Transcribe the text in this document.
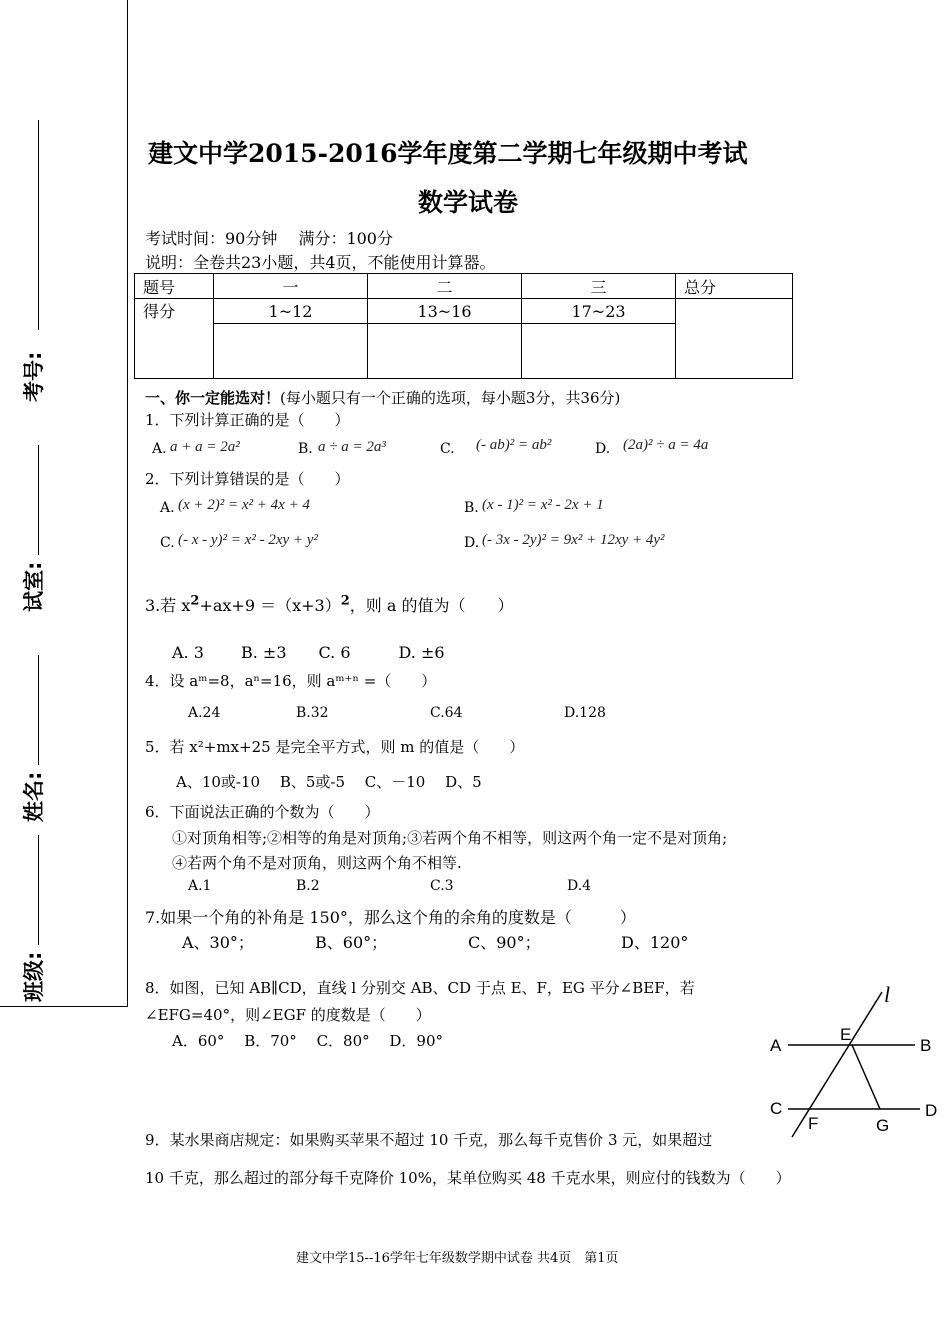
考号:
试室:
姓名:
班级:
建文中学2015-2016学年度第二学期七年级期中考试
数学试卷
考试时间：90分钟　 满分：100分
说明：全卷共23小题，共4页，不能使用计算器。
题号	一	二	三	总分
得分	1~12	13~16	17~23	

一、你一定能选对！(每小题只有一个正确的选项，每小题3分，共36分)
1．下列计算正确的是（　　）
A. a + a = 2a²	B. a ÷ a = 2a³	C. (- ab)² = ab²	D. (2a)² ÷ a = 4a
2．下列计算错误的是（　　）
A. (x + 2)² = x² + 4x + 4	B. (x - 1)² = x² - 2x + 1
C. (- x - y)² = x² - 2xy + y²	D. (- 3x - 2y)² = 9x² + 12xy + 4y²
3.若 $x^2+ax+9 =(x+3)^2$，则 a 的值为（　　）
A. 3　　 B. ±3　　C. 6　　　D. ±6
4．设 aᵐ=8，aⁿ=16，则 aᵐ⁺ⁿ =（　　）
A.24	B.32	C.64	D.128
5．若 x²+mx+25 是完全平方式，则 m 的值是（　　）
A、10或-10　 B、5或-5　 C、－10　 D、5
6．下面说法正确的个数为（　　）
①对顶角相等;②相等的角是对顶角;③若两个角不相等，则这两个角一定不是对顶角;
④若两个角不是对顶角，则这两个角不相等.
A.1	B.2	C.3	D.4
7.如果一个角的补角是 150°，那么这个角的余角的度数是（　　　）
A、30°；	B、60°；	C、90°；	D、120°
8．如图，已知 AB∥CD，直线 l 分别交 AB、CD 于点 E、F，EG 平分∠BEF，若
∠EFG=40°，则∠EGF 的度数是（　　）
A．60°　 B．70°　 C．80°　 D．90°
l
A	B
E
C	D
F	G
9．某水果商店规定：如果购买苹果不超过 10 千克，那么每千克售价 3 元，如果超过
10 千克，那么超过的部分每千克降价 10%，某单位购买 48 千克水果，则应付的钱数为（　　）
建文中学15--16学年七年级数学期中试卷 共4页　第1页
